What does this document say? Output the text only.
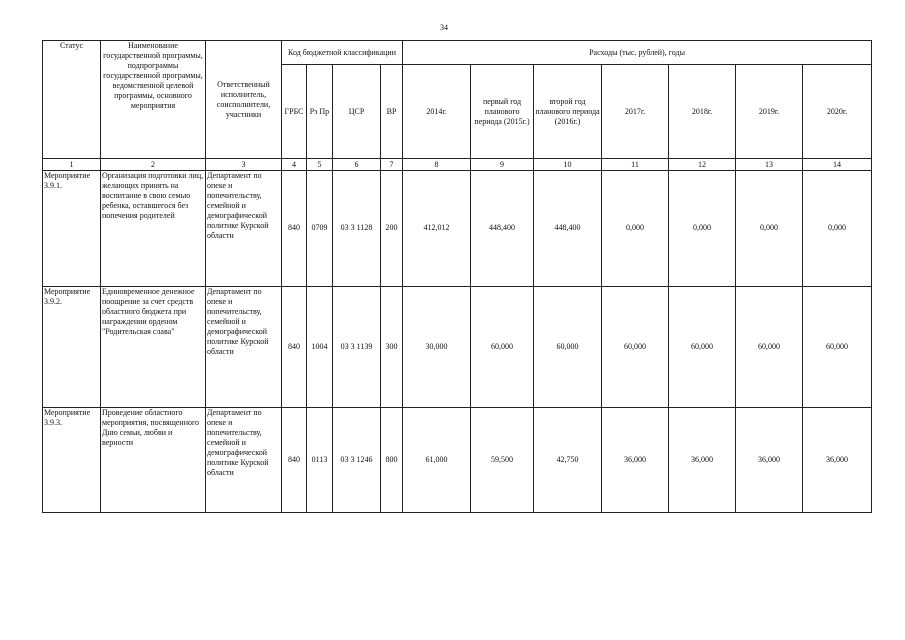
34
Статус	Наименование государственной программы, подпрограммы государственной программы, ведомственной целевой программы, основного мероприятия	Ответственный исполнитель, соисполнители, участники	Код бюджетной классификации				Расходы (тыс. рублей), годы						
			ГРБС	Рз Пр	ЦСР	ВР	2014г.	первый год планового периода (2015г.)	второй год планового периода (2016г.)	2017г.	2018г.	2019г.	2020г.
1	2	3	4	5	6	7	8	9	10	11	12	13	14
Мероприятие 3.9.1.	Организация подготовки лиц, желающих принять на воспитание в свою семью ребенка, оставшегося без попечения родителей	Департамент по опеке и попечительству, семейной и демографической политике Курской области	840	0709	03 3 1128	200	412,012	448,400	448,400	0,000	0,000	0,000	0,000
Мероприятие 3.9.2.	Единовременное денежное поощрение за счет средств областного бюджета при награждении орденом "Родительская слава"	Департамент по опеке и попечительству, семейной и демографической политике Курской области	840	1004	03 3 1139	300	30,000	60,000	60,000	60,000	60,000	60,000	60,000
Мероприятие 3.9.3.	Проведение областного мероприятия, посвященного Дню семьи, любви и верности	Департамент по опеке и попечительству, семейной и демографической политике Курской области	840	0113	03 3 1246	800	61,000	59,500	42,750	36,000	36,000	36,000	36,000
